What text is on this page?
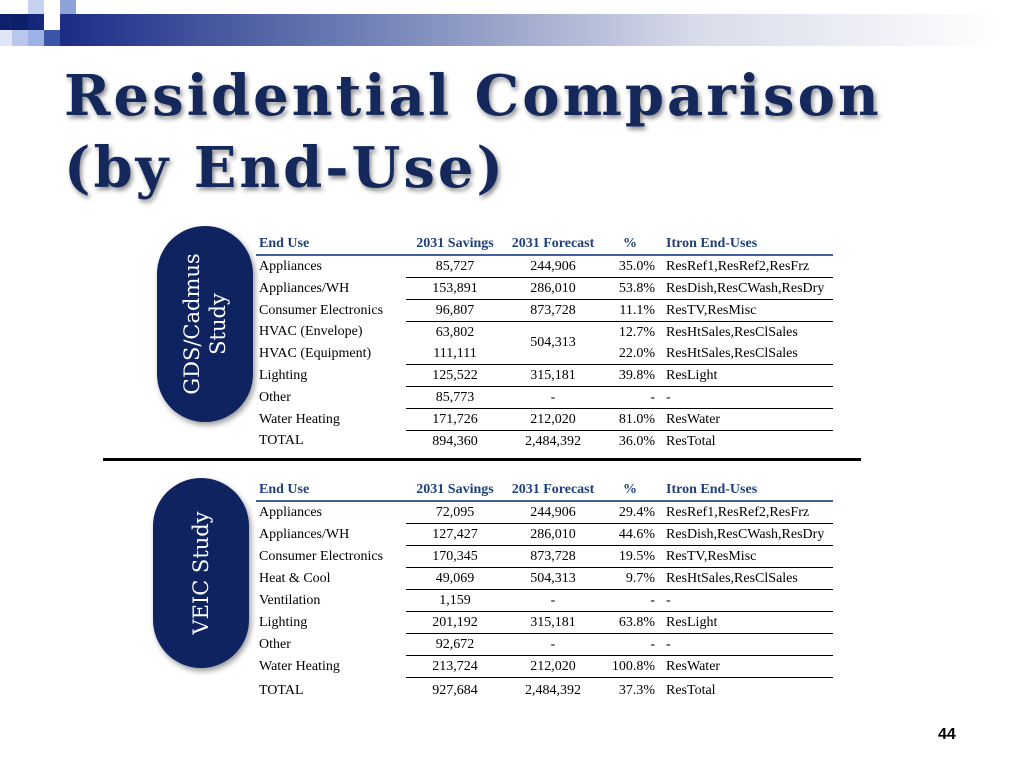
Residential Comparison
(by End-Use)
GDS/Cadmus Study
End Use	2031 Savings	2031 Forecast	%	Itron End-Uses
Appliances	85,727	244,906	35.0%	ResRef1,ResRef2,ResFrz
Appliances/WH	153,891	286,010	53.8%	ResDish,ResCWash,ResDry
Consumer Electronics	96,807	873,728	11.1%	ResTV,ResMisc
HVAC (Envelope)	63,802	504,313	12.7%	ResHtSales,ResClSales
HVAC (Equipment)	111,111		22.0%	ResHtSales,ResClSales
Lighting	125,522	315,181	39.8%	ResLight
Other	85,773	-	-	-
Water Heating	171,726	212,020	81.0%	ResWater
TOTAL	894,360	2,484,392	36.0%	ResTotal
VEIC Study
End Use	2031 Savings	2031 Forecast	%	Itron End-Uses
Appliances	72,095	244,906	29.4%	ResRef1,ResRef2,ResFrz
Appliances/WH	127,427	286,010	44.6%	ResDish,ResCWash,ResDry
Consumer Electronics	170,345	873,728	19.5%	ResTV,ResMisc
Heat & Cool	49,069	504,313	9.7%	ResHtSales,ResClSales
Ventilation	1,159	-	-	-
Lighting	201,192	315,181	63.8%	ResLight
Other	92,672	-	-	-
Water Heating	213,724	212,020	100.8%	ResWater
TOTAL	927,684	2,484,392	37.3%	ResTotal
44
